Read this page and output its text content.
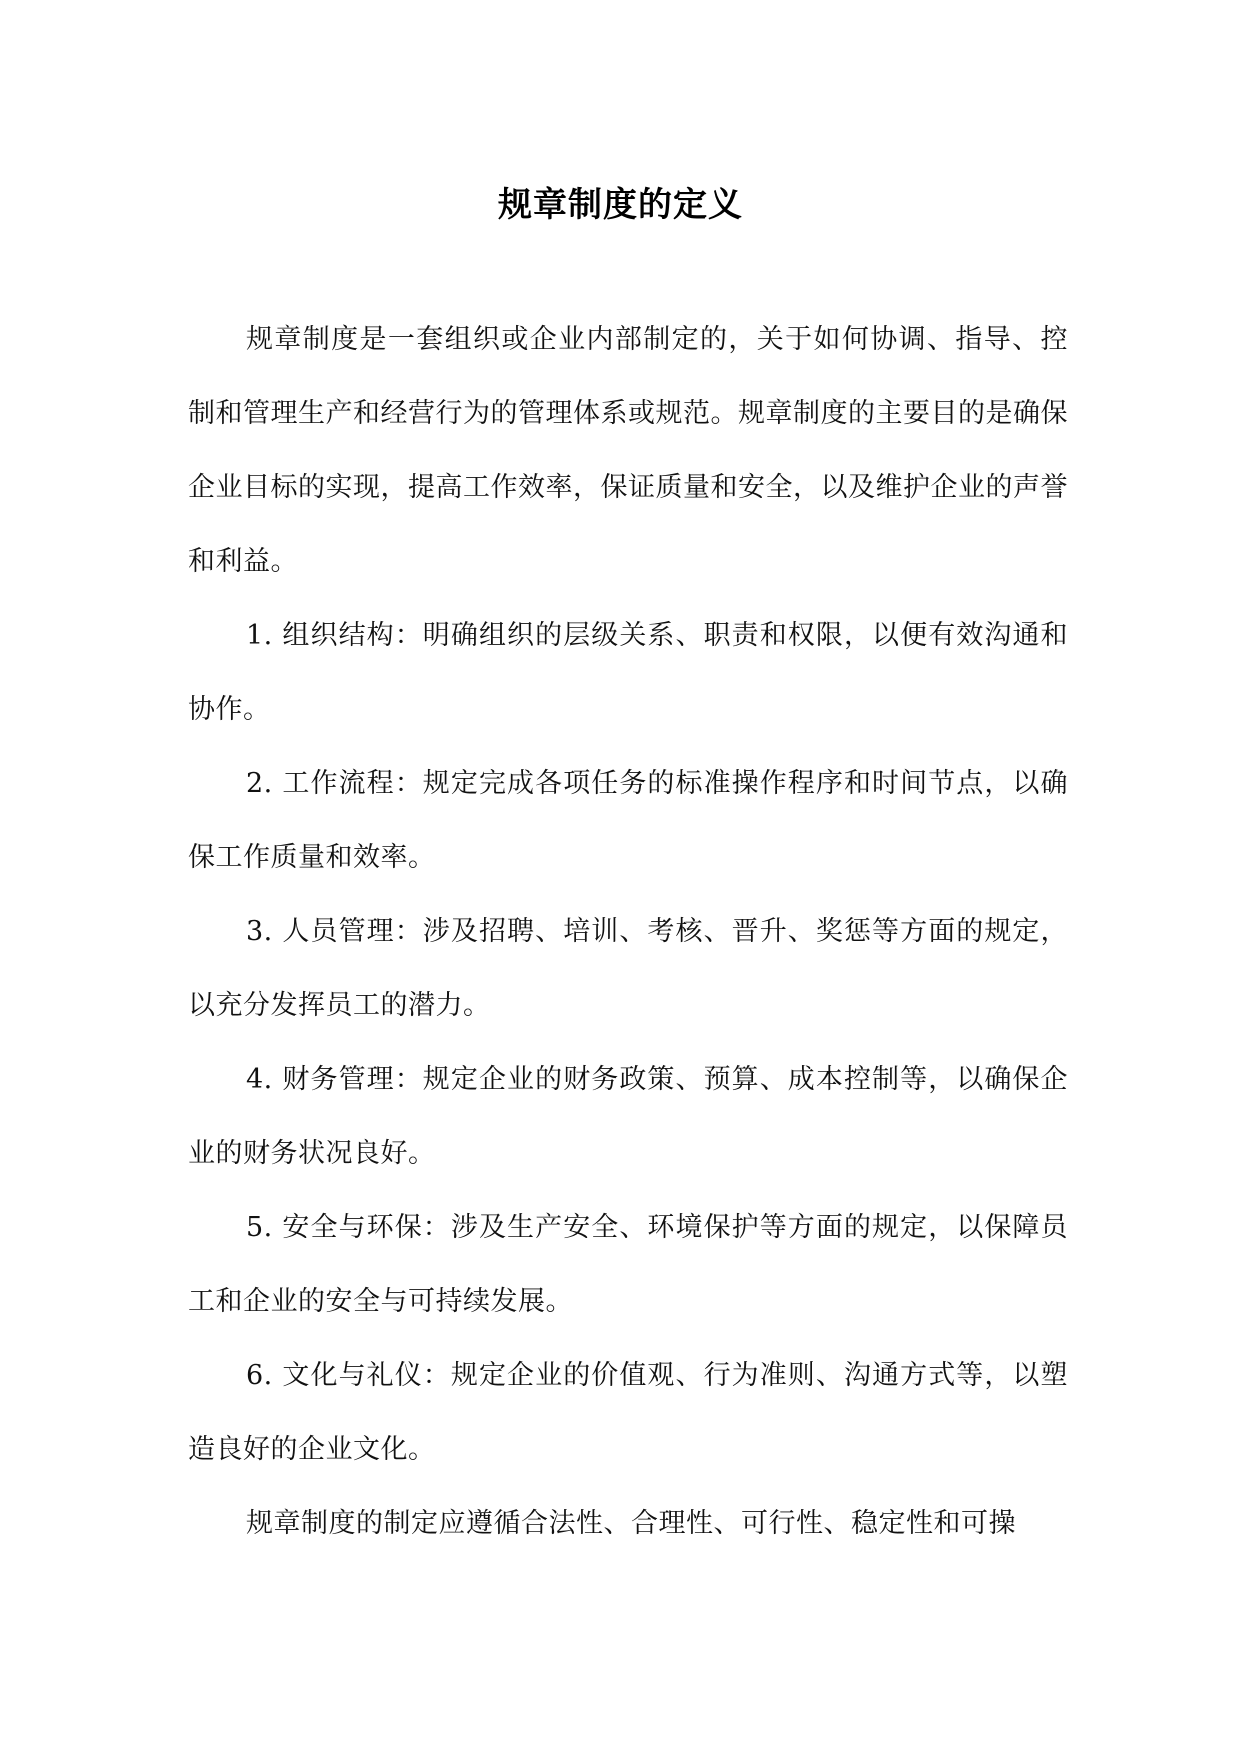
规章制度的定义

规章制度是一套组织或企业内部制定的，关于如何协调、指导、控制和管理生产和经营行为的管理体系或规范。规章制度的主要目的是确保企业目标的实现，提高工作效率，保证质量和安全，以及维护企业的声誉和利益。

1. 组织结构：明确组织的层级关系、职责和权限，以便有效沟通和协作。

2. 工作流程：规定完成各项任务的标准操作程序和时间节点，以确保工作质量和效率。

3. 人员管理：涉及招聘、培训、考核、晋升、奖惩等方面的规定，以充分发挥员工的潜力。

4. 财务管理：规定企业的财务政策、预算、成本控制等，以确保企业的财务状况良好。

5. 安全与环保：涉及生产安全、环境保护等方面的规定，以保障员工和企业的安全与可持续发展。

6. 文化与礼仪：规定企业的价值观、行为准则、沟通方式等，以塑造良好的企业文化。

规章制度的制定应遵循合法性、合理性、可行性、稳定性和可操
